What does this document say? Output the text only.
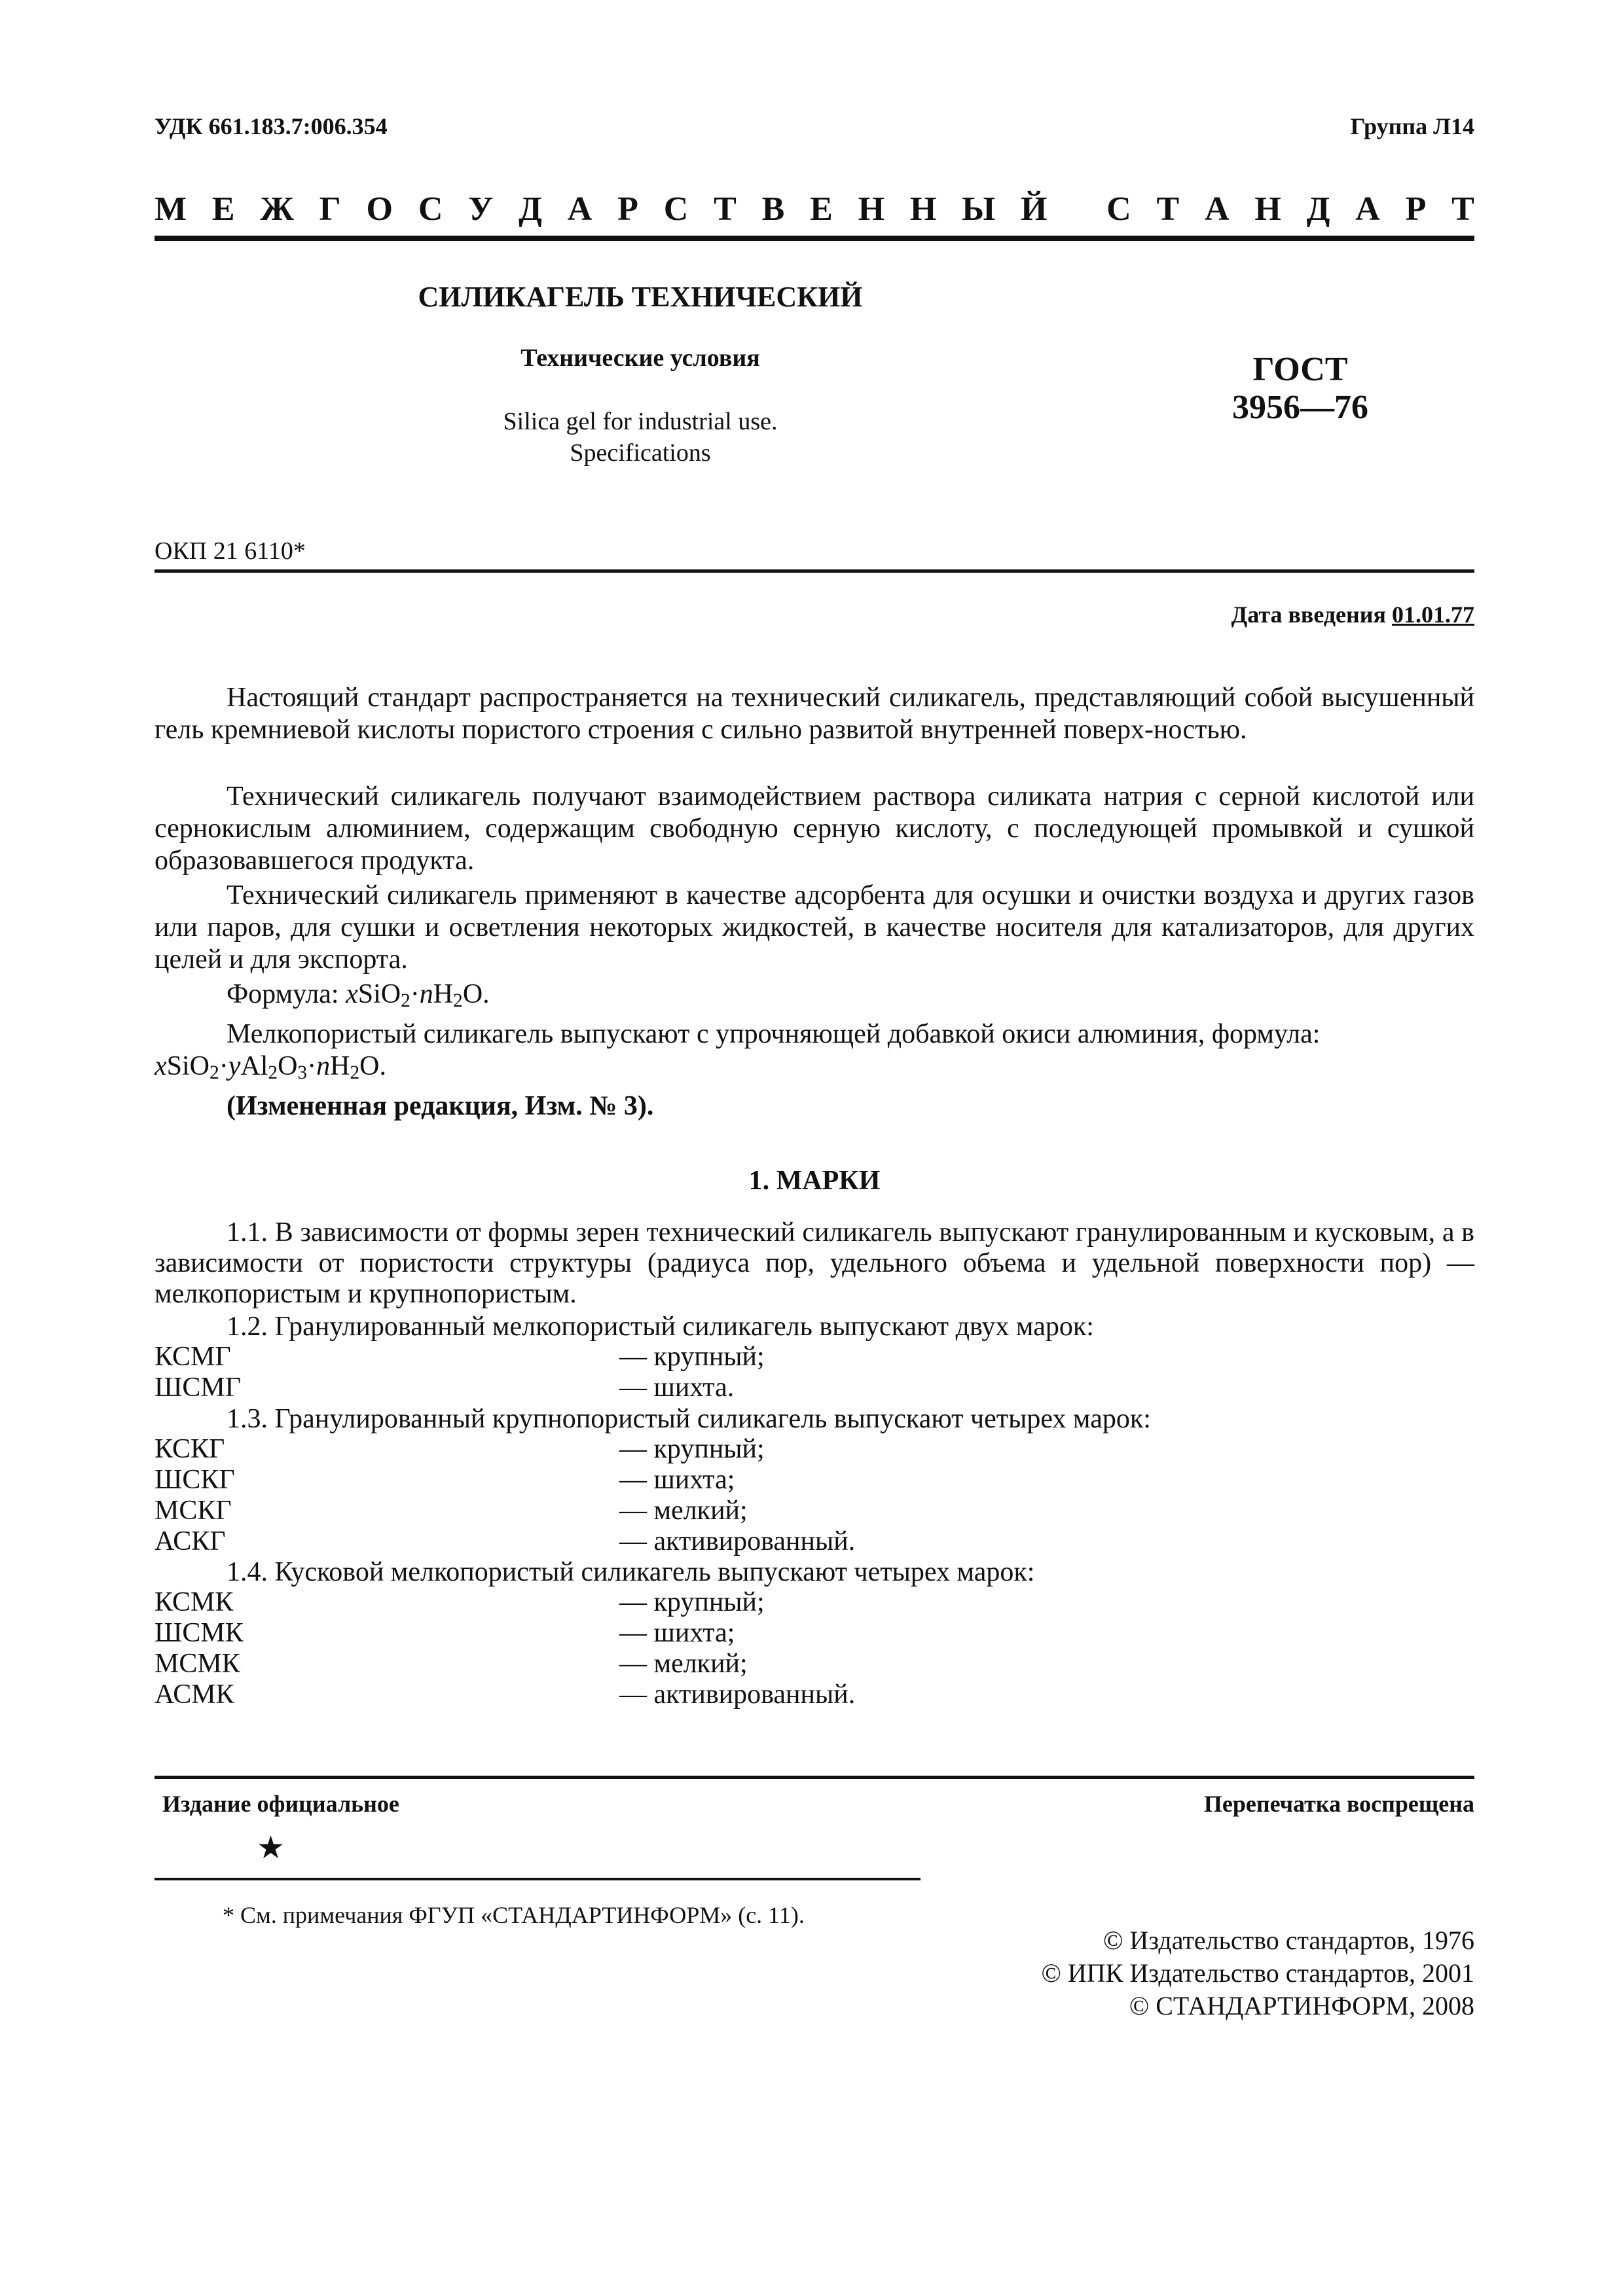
УДК 661.183.7:006.354	Группа Л14
М Е Ж Г О С У Д А Р С Т В Е Н Н Ы Й
С Т А Н Д А Р Т
СИЛИКАГЕЛЬ ТЕХНИЧЕСКИЙ
Технические условия
Silica gel for industrial use.
Specifications
ГОСТ
3956—76
ОКП 21 6110*
Дата введения 01.01.77
Настоящий стандарт распространяется на технический силикагель, представляющий собой высушенный гель кремниевой кислоты пористого строения с сильно развитой внутренней поверх-ностью.
Технический силикагель получают взаимодействием раствора силиката натрия с серной кислотой или сернокислым алюминием, содержащим свободную серную кислоту, с последующей промывкой и сушкой образовавшегося продукта.
Технический силикагель применяют в качестве адсорбента для осушки и очистки воздуха и других газов или паров, для сушки и осветления некоторых жидкостей, в качестве носителя для катализаторов, для других целей и для экспорта.
Формула: $xSiO_2\cdot nH_2O$.
Мелкопористый силикагель выпускают с упрочняющей добавкой окиси алюминия, формула:
$xSiO_2\cdot yAl_2O_3\cdot nH_2O$.
(Измененная редакция, Изм. № 3).
1. МАРКИ
1.1. В зависимости от формы зерен технический силикагель выпускают гранулированным и кусковым, а в зависимости от пористости структуры (радиуса пор, удельного объема и удельной поверхности пор) — мелкопористым и крупнопористым.
1.2. Гранулированный мелкопористый силикагель выпускают двух марок:
КСМГ	— крупный;
ШСМГ	— шихта.
1.3. Гранулированный крупнопористый силикагель выпускают четырех марок:
КСКГ	— крупный;
ШСКГ	— шихта;
МСКГ	— мелкий;
АСКГ	— активированный.
1.4. Кусковой мелкопористый силикагель выпускают четырех марок:
КСМК	— крупный;
ШСМК	— шихта;
МСМК	— мелкий;
АСМК	— активированный.
Издание официальное	Перепечатка воспрещена
★
* См. примечания ФГУП «СТАНДАРТИНФОРМ» (с. 11).
© Издательство стандартов, 1976
© ИПК Издательство стандартов, 2001
© СТАНДАРТИНФОРМ, 2008
